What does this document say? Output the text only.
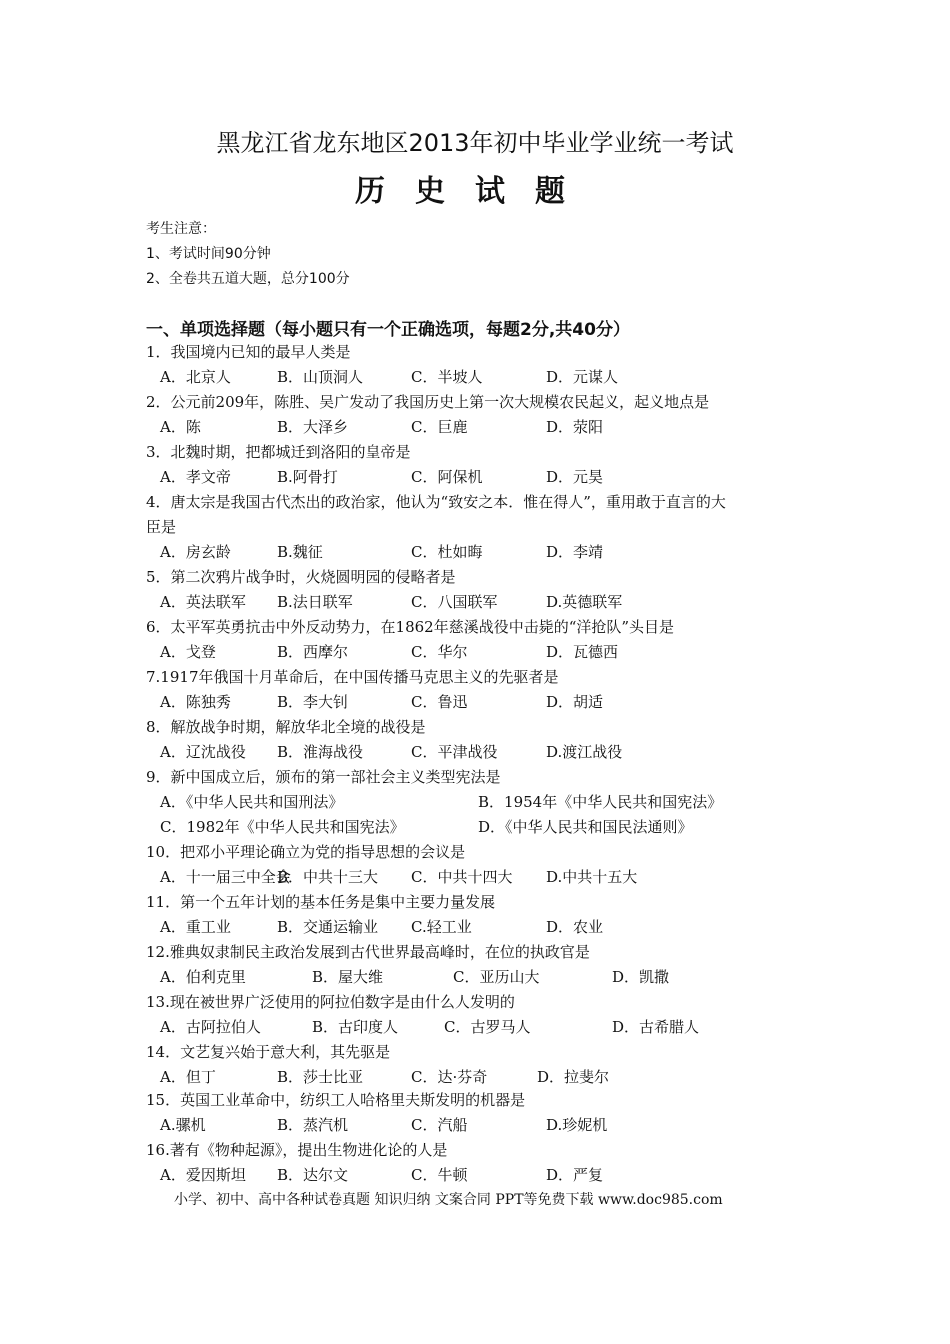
黑龙江省龙东地区2013年初中毕业学业统一考试
历史试题
考生注意：
1、考试时间90分钟
2、全卷共五道大题，总分100分
一、单项选择题（每小题只有一个正确选项，每题2分,共40分）
1．我国境内已知的最早人类是
A．北京人	B．山顶洞人	C．半坡人	D．元谋人
2．公元前209年，陈胜、吴广发动了我国历史上第一次大规模农民起义，起义地点是
A．陈	B．大泽乡	C．巨鹿	D．荥阳
3．北魏时期，把都城迁到洛阳的皇帝是
A．孝文帝	B.阿骨打	C．阿保机	D．元昊
4．唐太宗是我国古代杰出的政治家，他认为“致安之本．惟在得人”，重用敢于直言的大
臣是
A．房玄龄	B.魏征	C．杜如晦	D．李靖
5．第二次鸦片战争时，火烧圆明园的侵略者是
A．英法联军 B.法日联军	C．八国联军	D.英德联军
6．太平军英勇抗击中外反动势力，在1862年慈溪战役中击毙的“洋抢队”头目是
A．戈登	B．西摩尔	C．华尔	D．瓦德西
7.1917年俄国十月革命后，在中国传播马克思主义的先驱者是
A．陈独秀	B．李大钊	C．鲁迅	D．胡适
8．解放战争时期，解放华北全境的战役是
A．辽沈战役 B．淮海战役	C．平津战役	D.渡江战役
9．新中国成立后，颁布的第一部社会主义类型宪法是
A．《中华人民共和国刑法》	B．1954年《中华人民共和国宪法》
C．1982年《中华人民共和国宪法》	D．《中华人民共和国民法通则》
10．把邓小平理论确立为党的指导思想的会议是
A．十一届三中全会
B．中共十三大 C．中共十四大 D.中共十五大
11．第一个五年计划的基本任务是集中主要力量发展
A．重工业	B．交通运输业 C.轻工业	D．农业
12.雅典奴隶制民主政治发展到古代世界最高峰时，在位的执政官是
A．伯利克里	B．屋大维	C．亚历山大	D．凯撒
13.现在被世界广泛使用的阿拉伯数字是由什么人发明的
A．古阿拉伯人	B．古印度人	C．古罗马人	D．古希腊人
14．文艺复兴始于意大利，其先驱是
A．但丁	B．莎士比亚	C．达·芬奇	D．拉斐尔
15．英国工业革命中，纺织工人哈格里夫斯发明的机器是
A.骡机	B．蒸汽机	C．汽船	D.珍妮机
16.著有《物种起源》，提出生物进化论的人是
A．爱因斯坦 B．达尔文	C．牛顿	D．严复
小学、初中、高中各种试卷真题 知识归纳 文案合同 PPT等免费下载 www.doc985.com
